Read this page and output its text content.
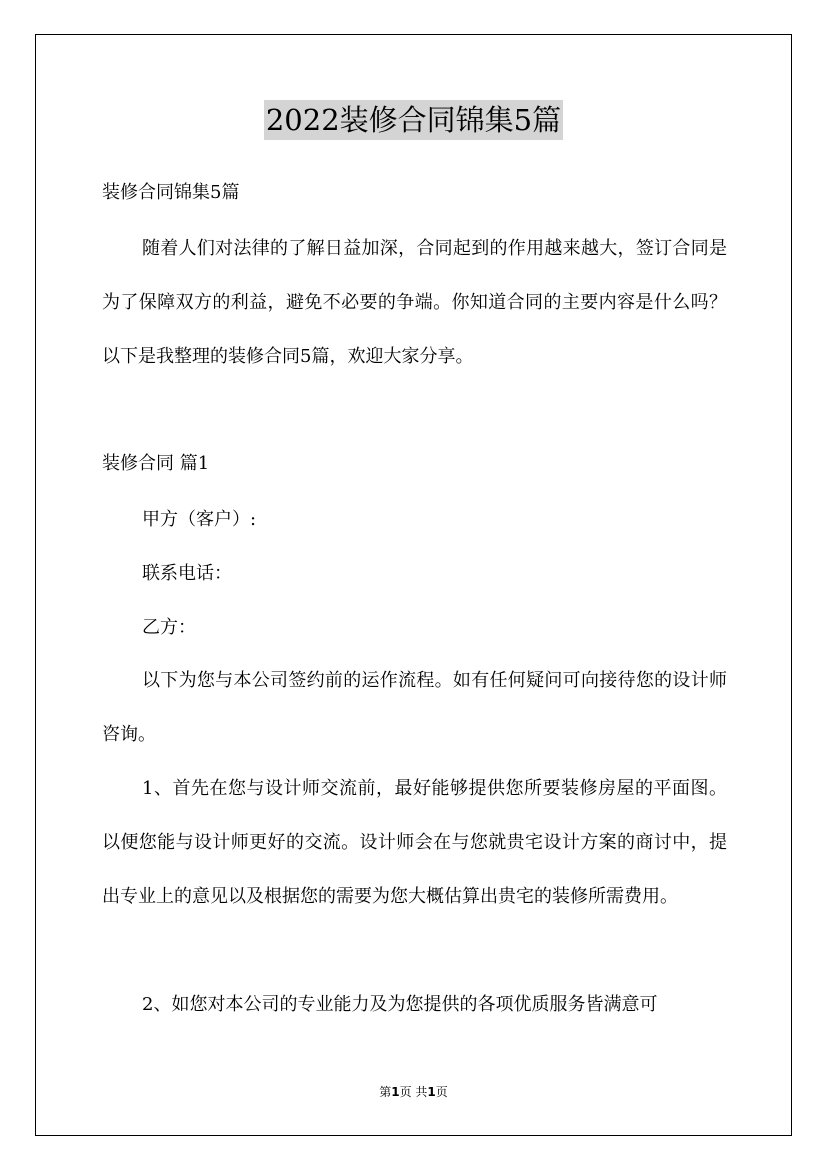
2022装修合同锦集5篇
装修合同锦集5篇

随着人们对法律的了解日益加深，合同起到的作用越来越大，签订合同是为了保障双方的利益，避免不必要的争端。你知道合同的主要内容是什么吗？以下是我整理的装修合同5篇，欢迎大家分享。

装修合同 篇1
甲方（客户）:
联系电话：
乙方：

以下为您与本公司签约前的运作流程。如有任何疑问可向接待您的设计师咨询。

1、首先在您与设计师交流前，最好能够提供您所要装修房屋的平面图。以便您能与设计师更好的交流。设计师会在与您就贵宅设计方案的商讨中，提出专业上的意见以及根据您的需要为您大概估算出贵宅的装修所需费用。

2、如您对本公司的专业能力及为您提供的各项优质服务皆满意可

第1页 共1页
